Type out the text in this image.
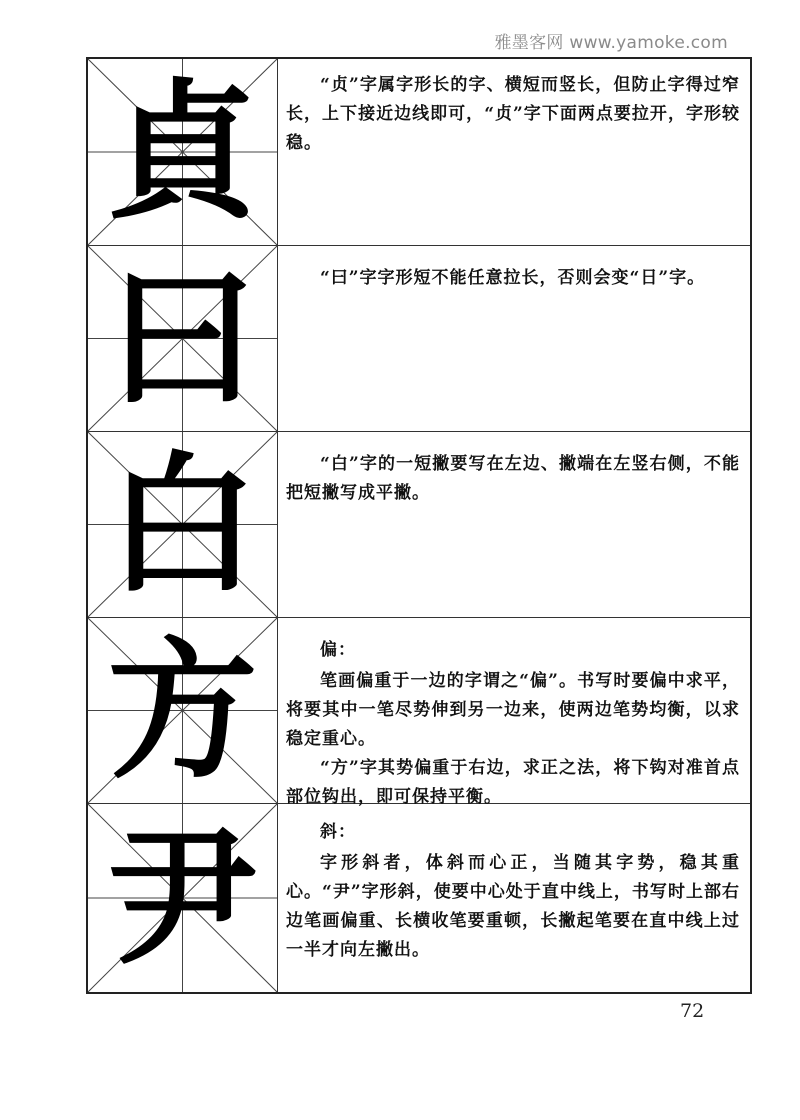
雅墨客网 www.yamoke.com
貞	“贞”字属字形长的字、横短而竖长，但防止字得过窄长，上下接近边线即可，“贞”字下面两点要拉开，字形较稳。

曰	“曰”字字形短不能任意拉长，否则会变“日”字。

白	“白”字的一短撇要写在左边、撇端在左竖右侧，不能把短撇写成平撇。

方	偏：

笔画偏重于一边的字谓之“偏”。书写时要偏中求平，将要其中一笔尽势伸到另一边来，使两边笔势均衡，以求稳定重心。

“方”字其势偏重于右边，求正之法，将下钩对准首点部位钩出，即可保持平衡。

尹	斜：

字形斜者，体斜而心正，当随其字势，稳其重心。“尹”字形斜，使要中心处于直中线上，书写时上部右边笔画偏重、长横收笔要重顿，长撇起笔要在直中线上过一半才向左撇出。

72
